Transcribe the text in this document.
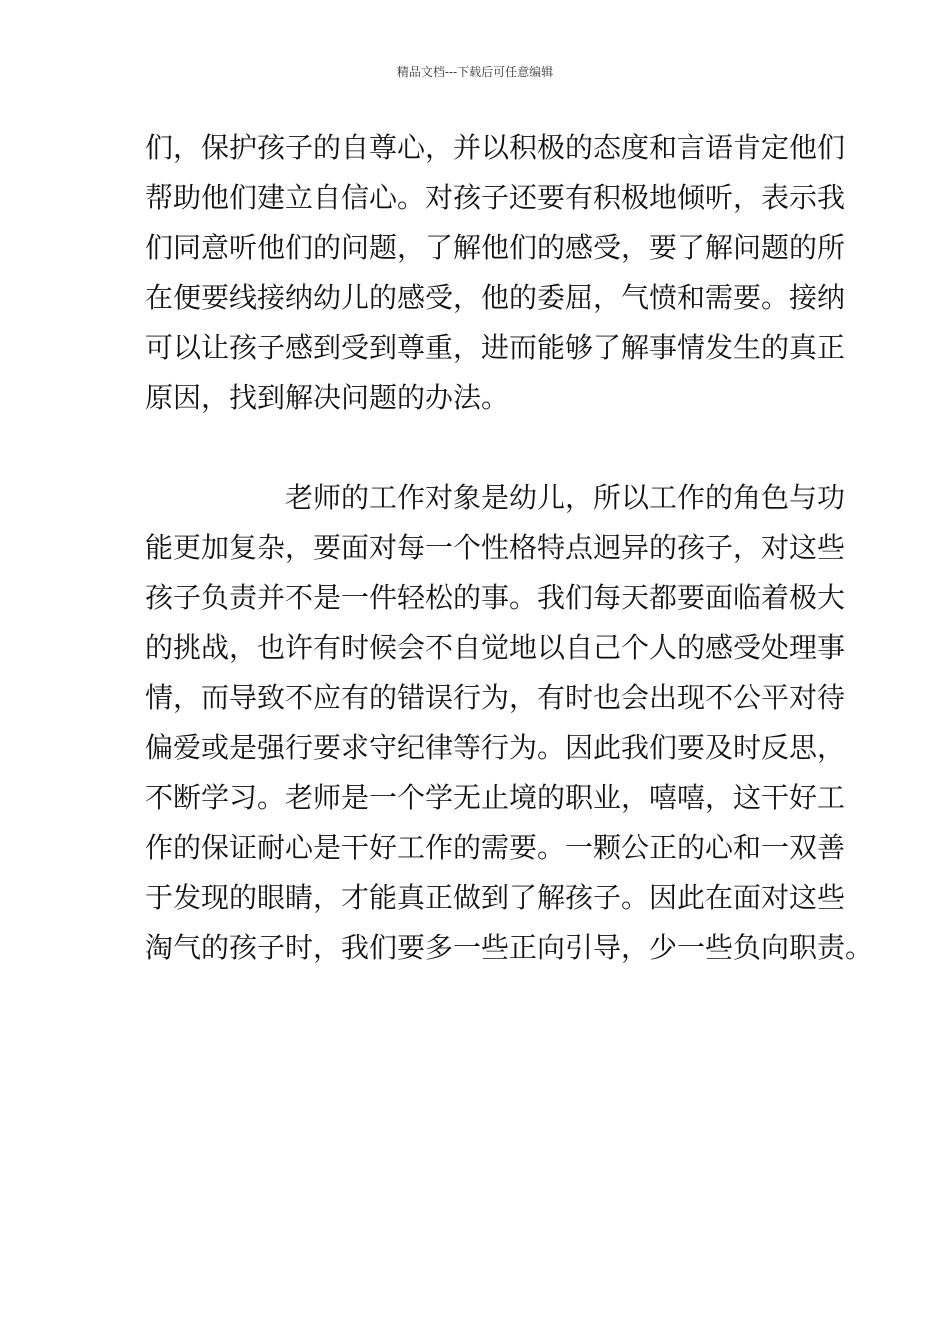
精品文档---下载后可任意编辑
们，保护孩子的自尊心，并以积极的态度和言语肯定他们
帮助他们建立自信心。对孩子还要有积极地倾听，表示我
们同意听他们的问题，了解他们的感受，要了解问题的所
在便要线接纳幼儿的感受，他的委屈，气愤和需要。接纳
可以让孩子感到受到尊重，进而能够了解事情发生的真正
原因，找到解决问题的办法。
老师的工作对象是幼儿，所以工作的角色与功
能更加复杂，要面对每一个性格特点迥异的孩子，对这些
孩子负责并不是一件轻松的事。我们每天都要面临着极大
的挑战，也许有时候会不自觉地以自己个人的感受处理事
情，而导致不应有的错误行为，有时也会出现不公平对待
偏爱或是强行要求守纪律等行为。因此我们要及时反思，
不断学习。老师是一个学无止境的职业，嘻嘻，这干好工
作的保证耐心是干好工作的需要。一颗公正的心和一双善
于发现的眼睛，才能真正做到了解孩子。因此在面对这些
淘气的孩子时，我们要多一些正向引导，少一些负向职责。
